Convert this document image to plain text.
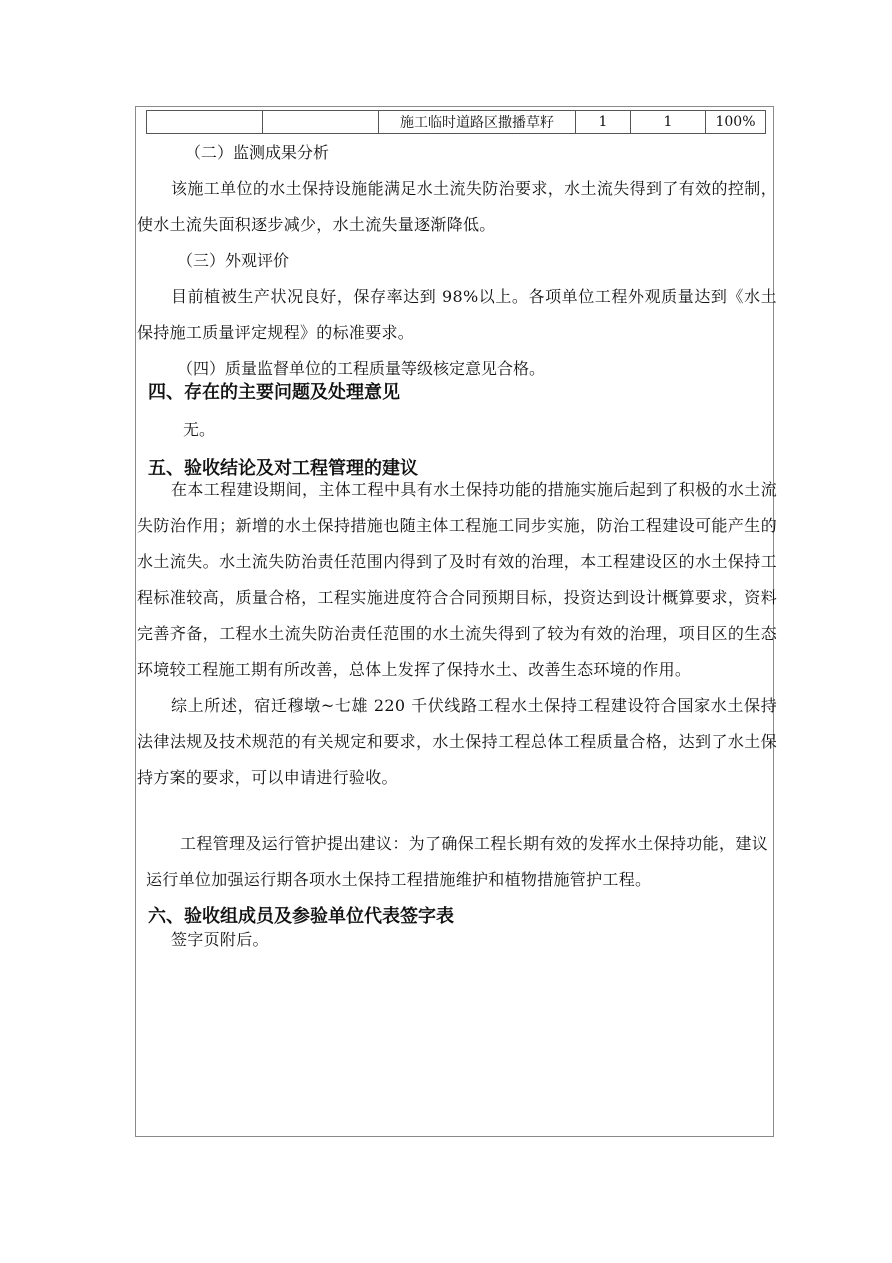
		施工临时道路区撒播草籽	1	1	100%

（二）监测成果分析

该施工单位的水土保持设施能满足水土流失防治要求，水土流失得到了有效的控制，使水土流失面积逐步减少，水土流失量逐渐降低。

（三）外观评价

目前植被生产状况良好，保存率达到 98%以上。各项单位工程外观质量达到《水土保持施工质量评定规程》的标准要求。

（四）质量监督单位的工程质量等级核定意见合格。

四、存在的主要问题及处理意见

无。

五、验收结论及对工程管理的建议

在本工程建设期间，主体工程中具有水土保持功能的措施实施后起到了积极的水土流失防治作用；新增的水土保持措施也随主体工程施工同步实施，防治工程建设可能产生的水土流失。水土流失防治责任范围内得到了及时有效的治理，本工程建设区的水土保持工程标准较高，质量合格，工程实施进度符合合同预期目标，投资达到设计概算要求，资料完善齐备，工程水土流失防治责任范围的水土流失得到了较为有效的治理，项目区的生态环境较工程施工期有所改善，总体上发挥了保持水土、改善生态环境的作用。

综上所述，宿迁穆墩~七雄 220 千伏线路工程水土保持工程建设符合国家水土保持法律法规及技术规范的有关规定和要求，水土保持工程总体工程质量合格，达到了水土保持方案的要求，可以申请进行验收。

工程管理及运行管护提出建议：为了确保工程长期有效的发挥水土保持功能，建议运行单位加强运行期各项水土保持工程措施维护和植物措施管护工程。

六、验收组成员及参验单位代表签字表

签字页附后。
